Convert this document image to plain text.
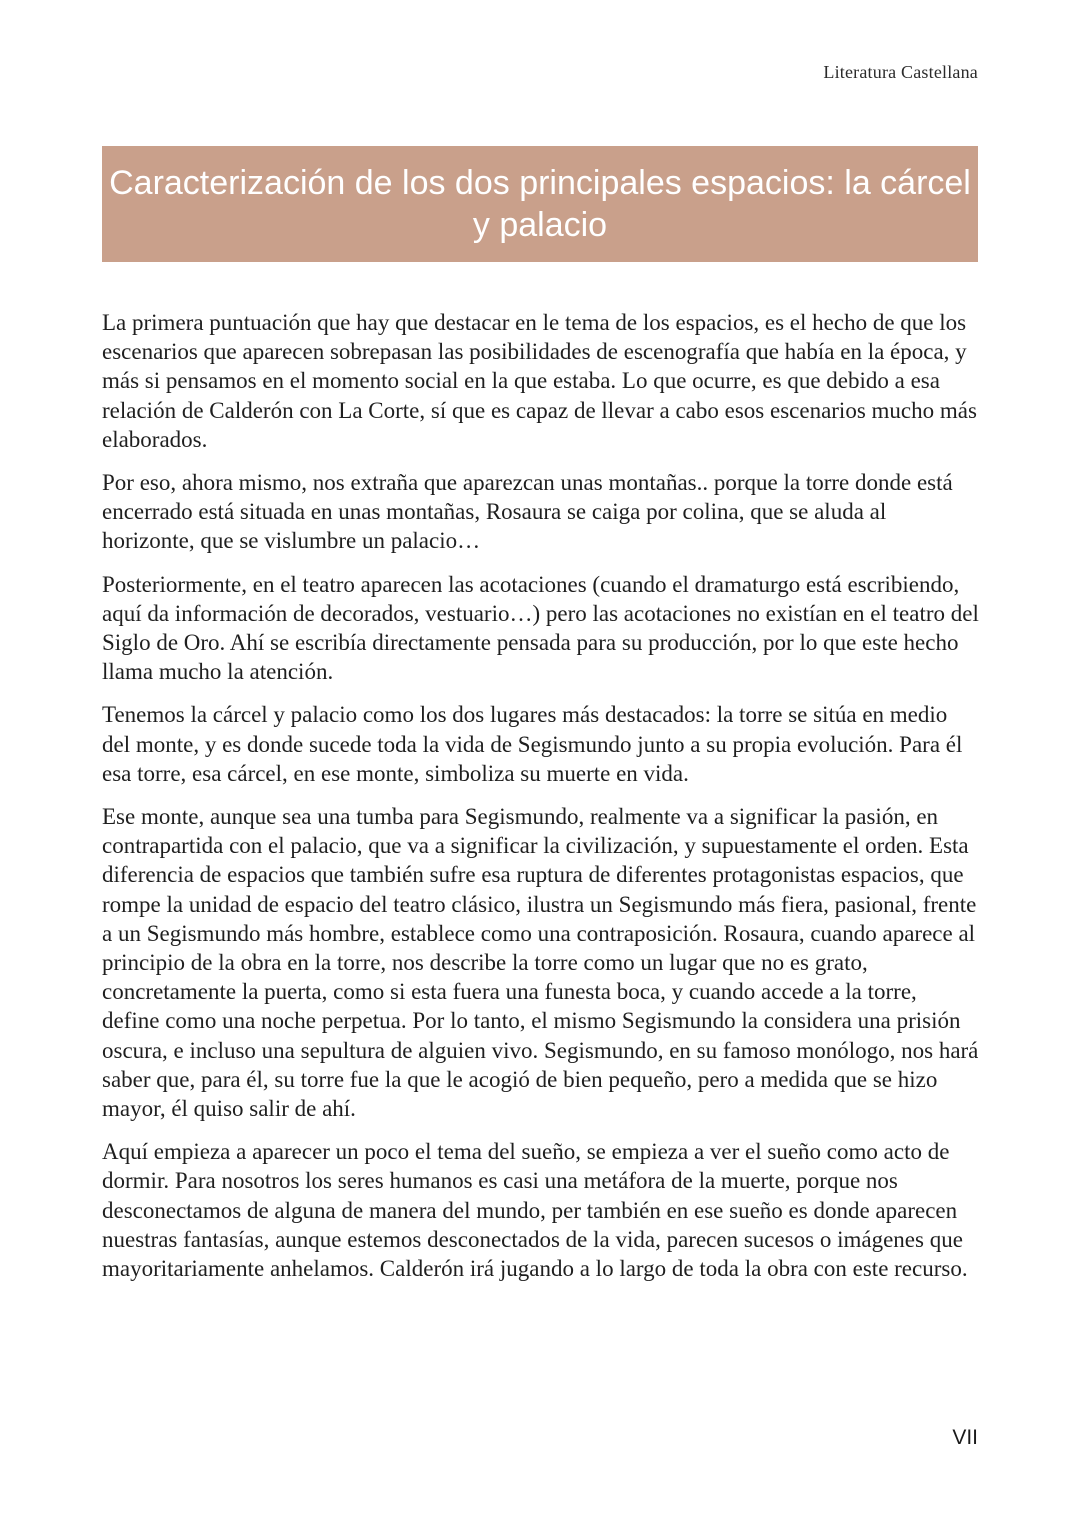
Literatura Castellana
Caracterización de los dos principales espacios: la cárcel y palacio

La primera puntuación que hay que destacar en le tema de los espacios, es el hecho de que los escenarios que aparecen sobrepasan las posibilidades de escenografía que había en la época, y más si pensamos en el momento social en la que estaba. Lo que ocurre, es que debido a esa relación de Calderón con La Corte, sí que es capaz de llevar a cabo esos escenarios mucho más elaborados.

Por eso, ahora mismo, nos extraña que aparezcan unas montañas.. porque la torre donde está encerrado está situada en unas montañas, Rosaura se caiga por colina, que se aluda al horizonte, que se vislumbre un palacio…

Posteriormente, en el teatro aparecen las acotaciones (cuando el dramaturgo está escribiendo, aquí da información de decorados, vestuario…) pero las acotaciones no existían en el teatro del Siglo de Oro. Ahí se escribía directamente pensada para su producción, por lo que este hecho llama mucho la atención.

Tenemos la cárcel y palacio como los dos lugares más destacados: la torre se sitúa en medio del monte, y es donde sucede toda la vida de Segismundo junto a su propia evolución. Para él esa torre, esa cárcel, en ese monte, simboliza su muerte en vida.

Ese monte, aunque sea una tumba para Segismundo, realmente va a significar la pasión, en contrapartida con el palacio, que va a significar la civilización, y supuestamente el orden. Esta diferencia de espacios que también sufre esa ruptura de diferentes protagonistas espacios, que rompe la unidad de espacio del teatro clásico, ilustra un Segismundo más fiera, pasional, frente a un Segismundo más hombre, establece como una contraposición. Rosaura, cuando aparece al principio de la obra en la torre, nos describe la torre como un lugar que no es grato, concretamente la puerta, como si esta fuera una funesta boca, y cuando accede a la torre, define como una noche perpetua. Por lo tanto, el mismo Segismundo la considera una prisión oscura, e incluso una sepultura de alguien vivo. Segismundo, en su famoso monólogo, nos hará saber que, para él, su torre fue la que le acogió de bien pequeño, pero a medida que se hizo mayor, él quiso salir de ahí.

Aquí empieza a aparecer un poco el tema del sueño, se empieza a ver el sueño como acto de dormir. Para nosotros los seres humanos es casi una metáfora de la muerte, porque nos desconectamos de alguna de manera del mundo, per también en ese sueño es donde aparecen nuestras fantasías, aunque estemos desconectados de la vida, parecen sucesos o imágenes que mayoritariamente anhelamos. Calderón irá jugando a lo largo de toda la obra con este recurso.

VII
